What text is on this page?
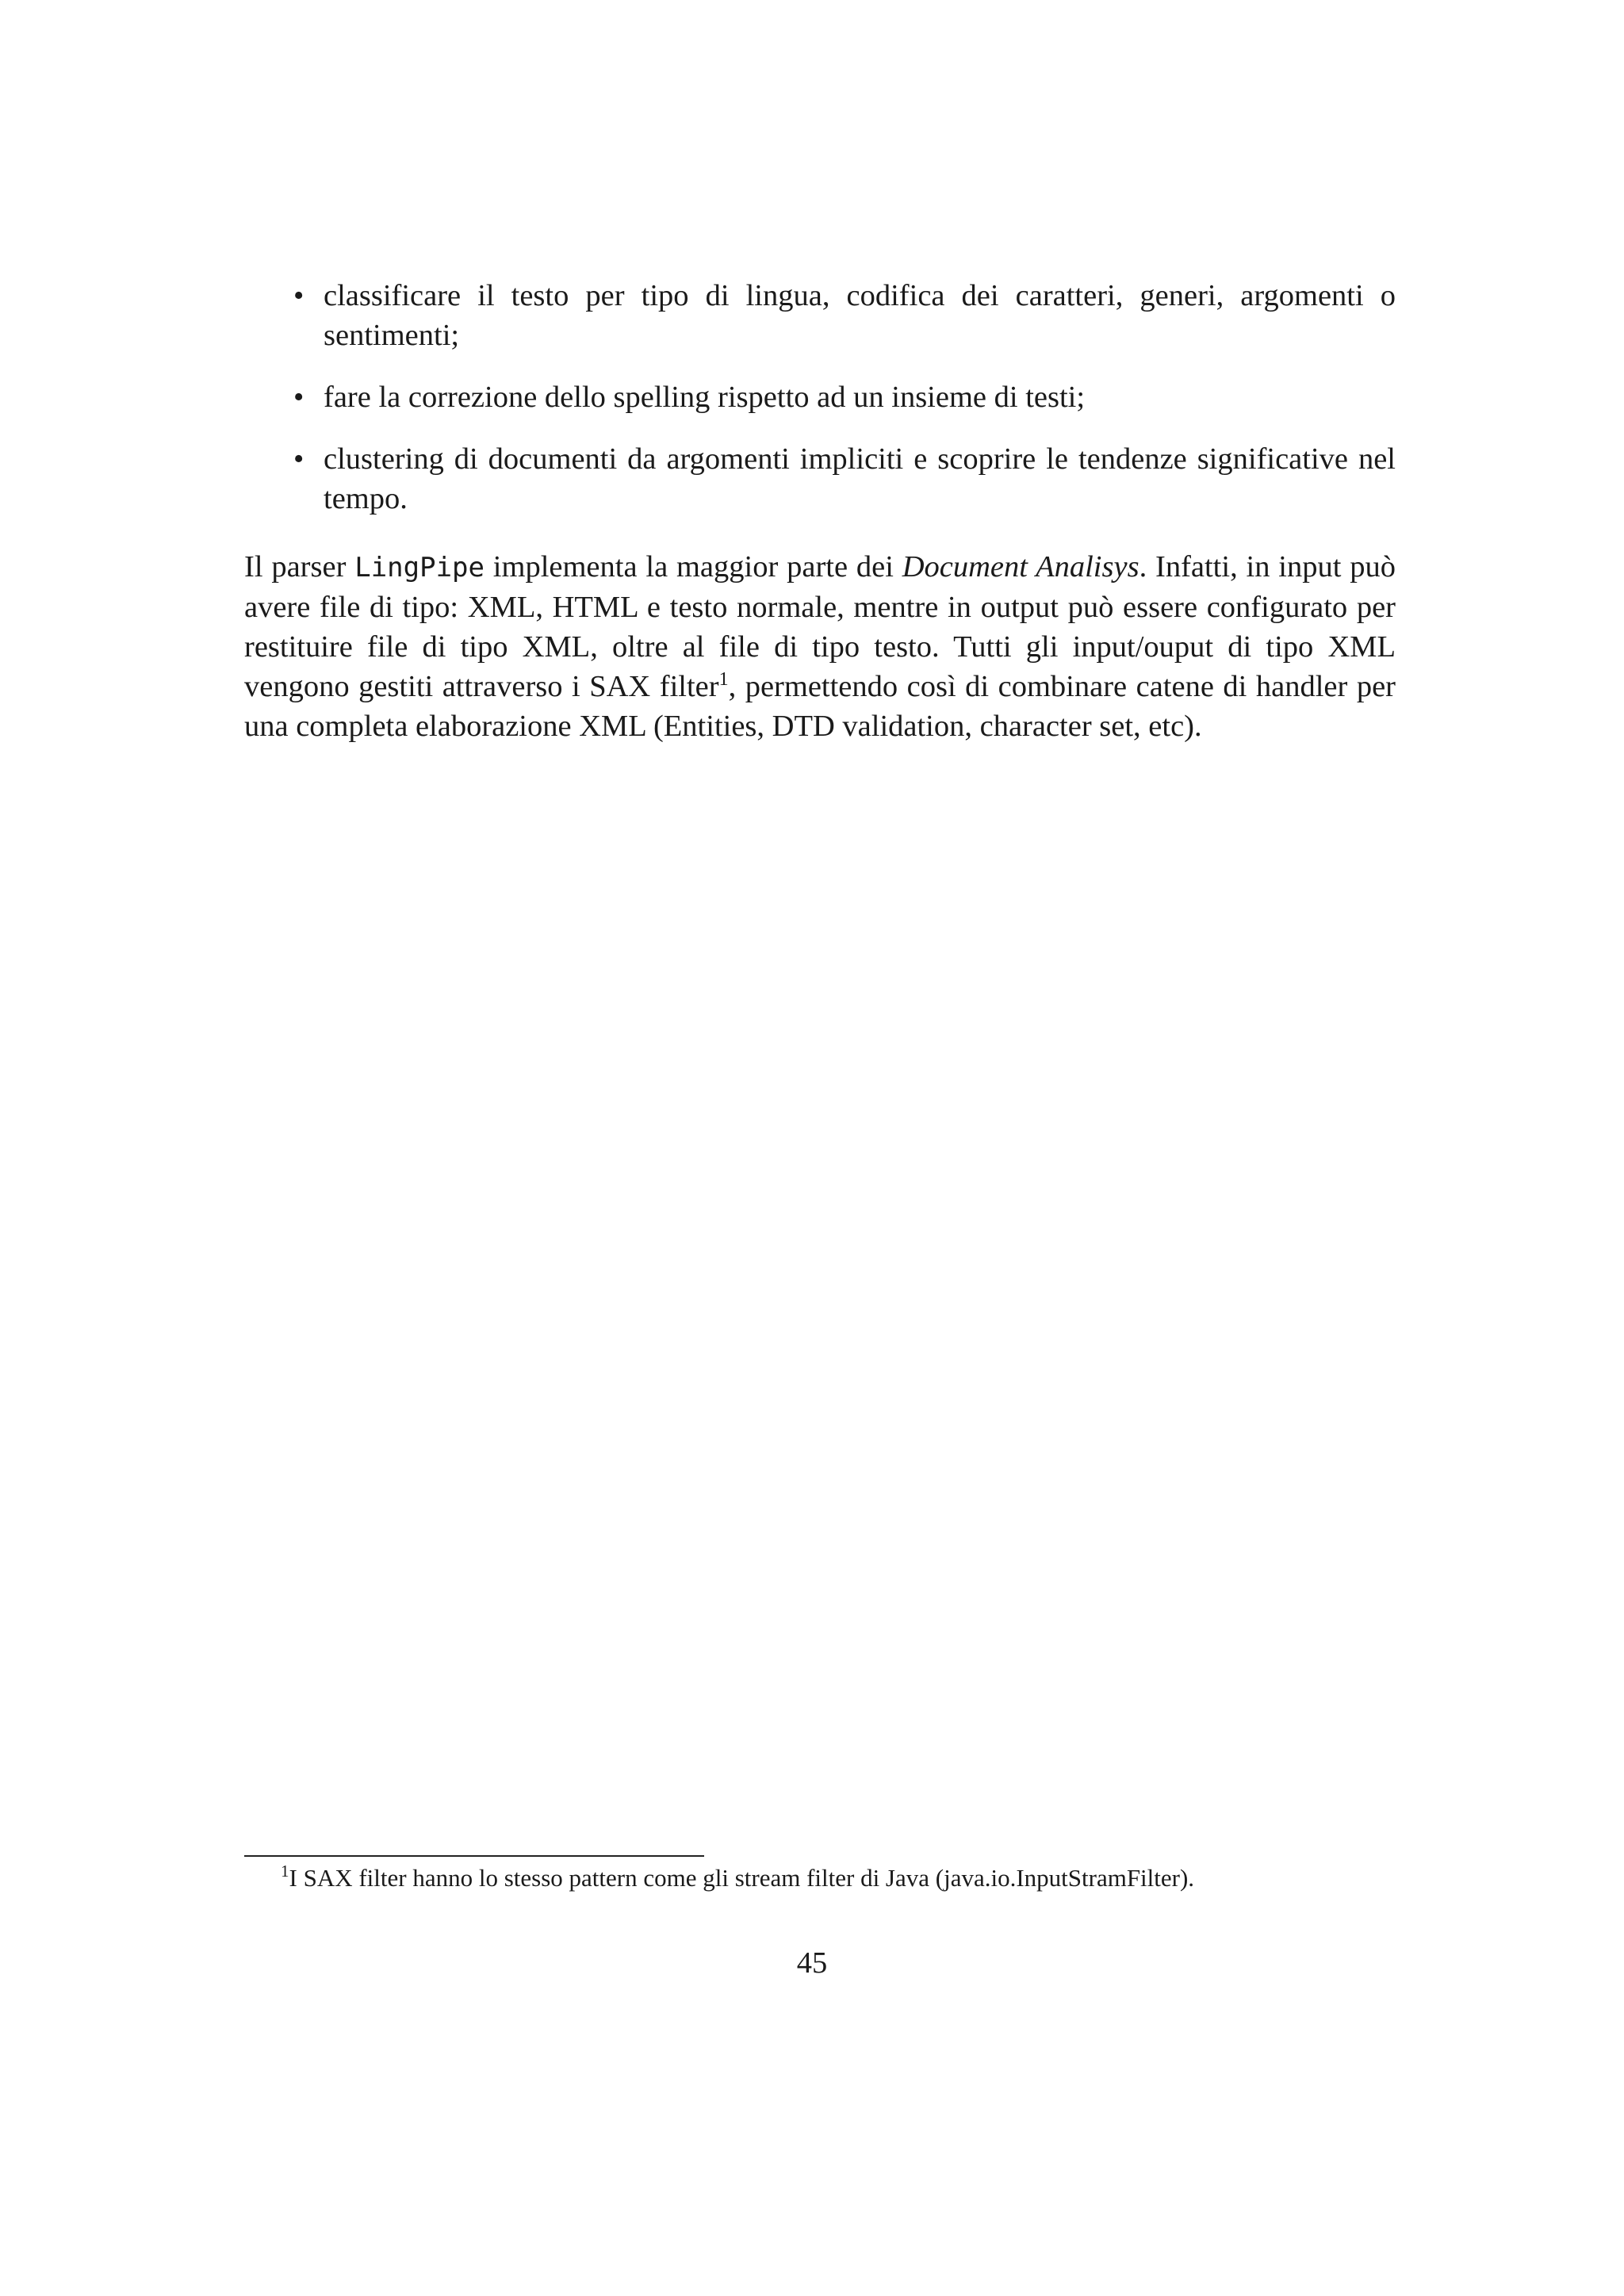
• classificare il testo per tipo di lingua, codifica dei caratteri, generi, argomenti o sentimenti;
• fare la correzione dello spelling rispetto ad un insieme di testi;
• clustering di documenti da argomenti impliciti e scoprire le tendenze significative nel tempo.

Il parser LingPipe implementa la maggior parte dei Document Analisys. Infatti, in input può avere file di tipo: XML, HTML e testo normale, mentre in output può essere configurato per restituire file di tipo XML, oltre al file di tipo testo. Tutti gli input/ouput di tipo XML vengono gestiti attraverso i SAX filter$^1$, permettendo così di combinare catene di handler per una completa elaborazione XML (Entities, DTD validation, character set, etc).

$^1$I SAX filter hanno lo stesso pattern come gli stream filter di Java (java.io.InputStramFilter).
45
